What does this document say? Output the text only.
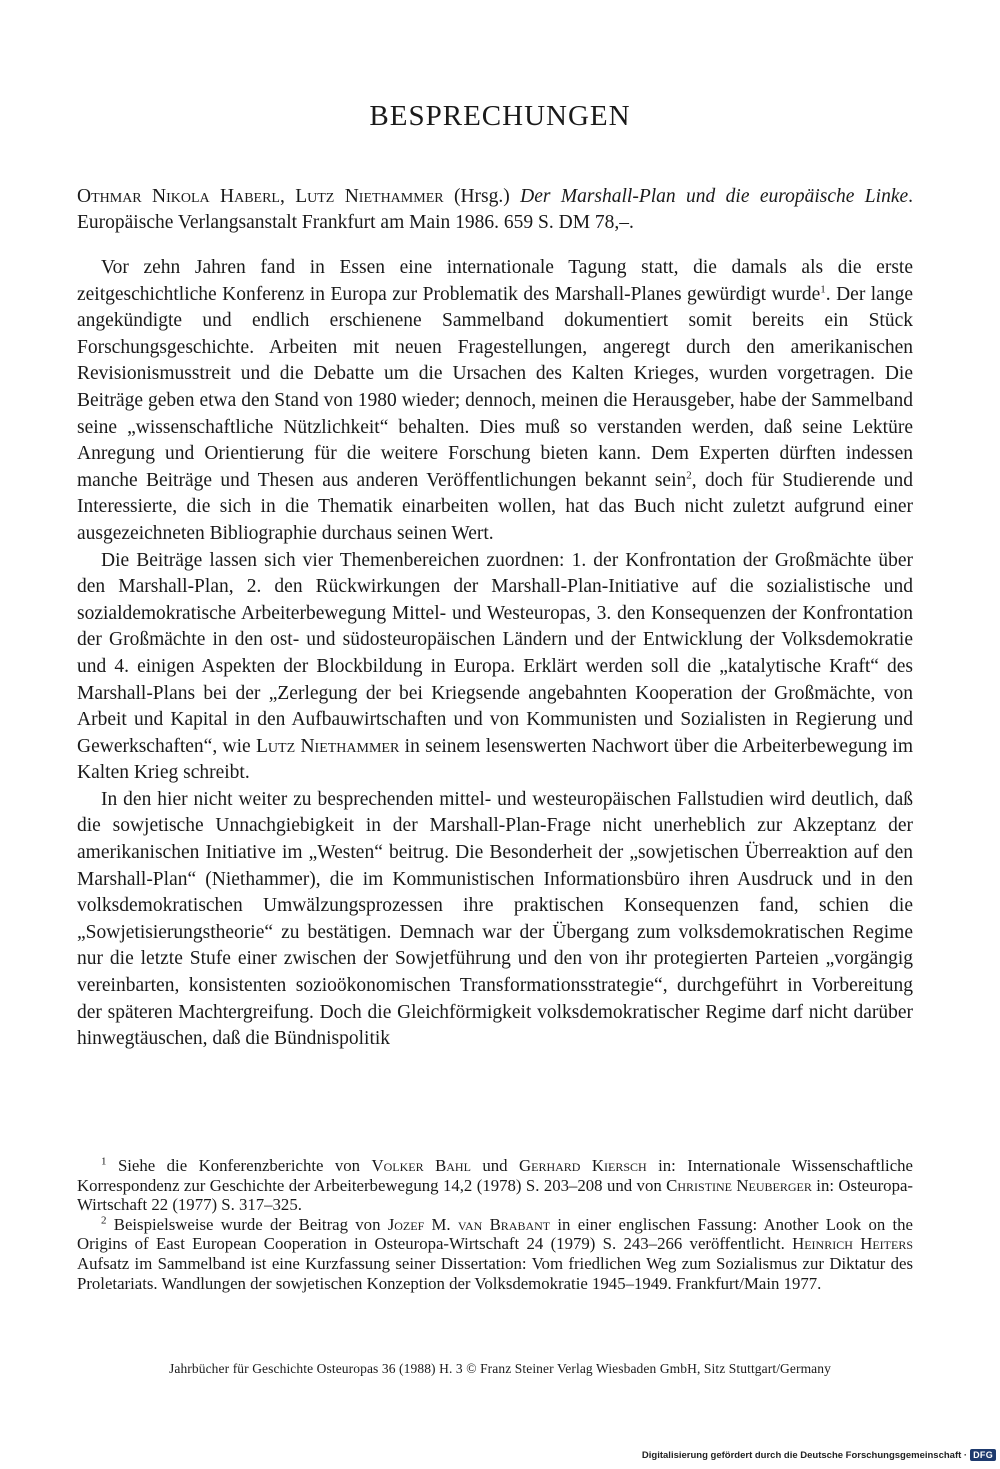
BESPRECHUNGEN
Othmar Nikola Haberl, Lutz Niethammer (Hrsg.) Der Marshall-Plan und die europäische Linke. Europäische Verlangsanstalt Frankfurt am Main 1986. 659 S. DM 78,–.

Vor zehn Jahren fand in Essen eine internationale Tagung statt, die damals als die erste zeitgeschichtliche Konferenz in Europa zur Problematik des Marshall-Planes gewürdigt wurde$^1$. Der lange angekündigte und endlich erschienene Sammelband dokumentiert somit bereits ein Stück Forschungsgeschichte. Arbeiten mit neuen Fragestellungen, angeregt durch den amerikanischen Revisionismusstreit und die Debatte um die Ursachen des Kalten Krieges, wurden vorgetragen. Die Beiträge geben etwa den Stand von 1980 wieder; dennoch, meinen die Herausgeber, habe der Sammelband seine „wissenschaftliche Nützlichkeit“ behalten. Dies muß so verstanden werden, daß seine Lektüre Anregung und Orientierung für die weitere Forschung bieten kann. Dem Experten dürften indessen manche Beiträge und Thesen aus anderen Veröffentlichungen bekannt sein$^2$, doch für Studierende und Interessierte, die sich in die Thematik einarbeiten wollen, hat das Buch nicht zuletzt aufgrund einer ausgezeichneten Bibliographie durchaus seinen Wert.

Die Beiträge lassen sich vier Themenbereichen zuordnen: 1. der Konfrontation der Großmächte über den Marshall-Plan, 2. den Rückwirkungen der Marshall-Plan-Initiative auf die sozialistische und sozialdemokratische Arbeiterbewegung Mittel- und Westeuropas, 3. den Konsequenzen der Konfrontation der Großmächte in den ost- und südosteuropäischen Ländern und der Entwicklung der Volksdemokratie und 4. einigen Aspekten der Blockbildung in Europa. Erklärt werden soll die „katalytische Kraft“ des Marshall-Plans bei der „Zerlegung der bei Kriegsende angebahnten Kooperation der Großmächte, von Arbeit und Kapital in den Aufbauwirtschaften und von Kommunisten und Sozialisten in Regierung und Gewerkschaften“, wie Lutz Niethammer in seinem lesenswerten Nachwort über die Arbeiterbewegung im Kalten Krieg schreibt.

In den hier nicht weiter zu besprechenden mittel- und westeuropäischen Fallstudien wird deutlich, daß die sowjetische Unnachgiebigkeit in der Marshall-Plan-Frage nicht unerheblich zur Akzeptanz der amerikanischen Initiative im „Westen“ beitrug. Die Besonderheit der „sowjetischen Überreaktion auf den Marshall-Plan“ (Niethammer), die im Kommunistischen Informationsbüro ihren Ausdruck und in den volksdemokratischen Umwälzungsprozessen ihre praktischen Konsequenzen fand, schien die „Sowjetisierungstheorie“ zu bestätigen. Demnach war der Übergang zum volksdemokratischen Regime nur die letzte Stufe einer zwischen der Sowjetführung und den von ihr protegierten Parteien „vorgängig vereinbarten, konsistenten sozioökonomischen Transformationsstrategie“, durchgeführt in Vorbereitung der späteren Machtergreifung. Doch die Gleichförmigkeit volksdemokratischer Regime darf nicht darüber hinwegtäuschen, daß die Bündnispolitik

$^1$ Siehe die Konferenzberichte von Volker Bahl und Gerhard Kiersch in: Internationale Wissenschaftliche Korrespondenz zur Geschichte der Arbeiterbewegung 14,2 (1978) S. 203–208 und von Christine Neuberger in: Osteuropa-Wirtschaft 22 (1977) S. 317–325.

$^2$ Beispielsweise wurde der Beitrag von Jozef M. van Brabant in einer englischen Fassung: Another Look on the Origins of East European Cooperation in Osteuropa-Wirtschaft 24 (1979) S. 243–266 veröffentlicht. Heinrich Heiters Aufsatz im Sammelband ist eine Kurzfassung seiner Dissertation: Vom friedlichen Weg zum Sozialismus zur Diktatur des Proletariats. Wandlungen der sowjetischen Konzeption der Volksdemokratie 1945–1949. Frankfurt/Main 1977.

Jahrbücher für Geschichte Osteuropas 36 (1988) H. 3 © Franz Steiner Verlag Wiesbaden GmbH, Sitz Stuttgart/Germany
Digitalisierung gefördert durch die Deutsche Forschungsgemeinschaft · DFG
